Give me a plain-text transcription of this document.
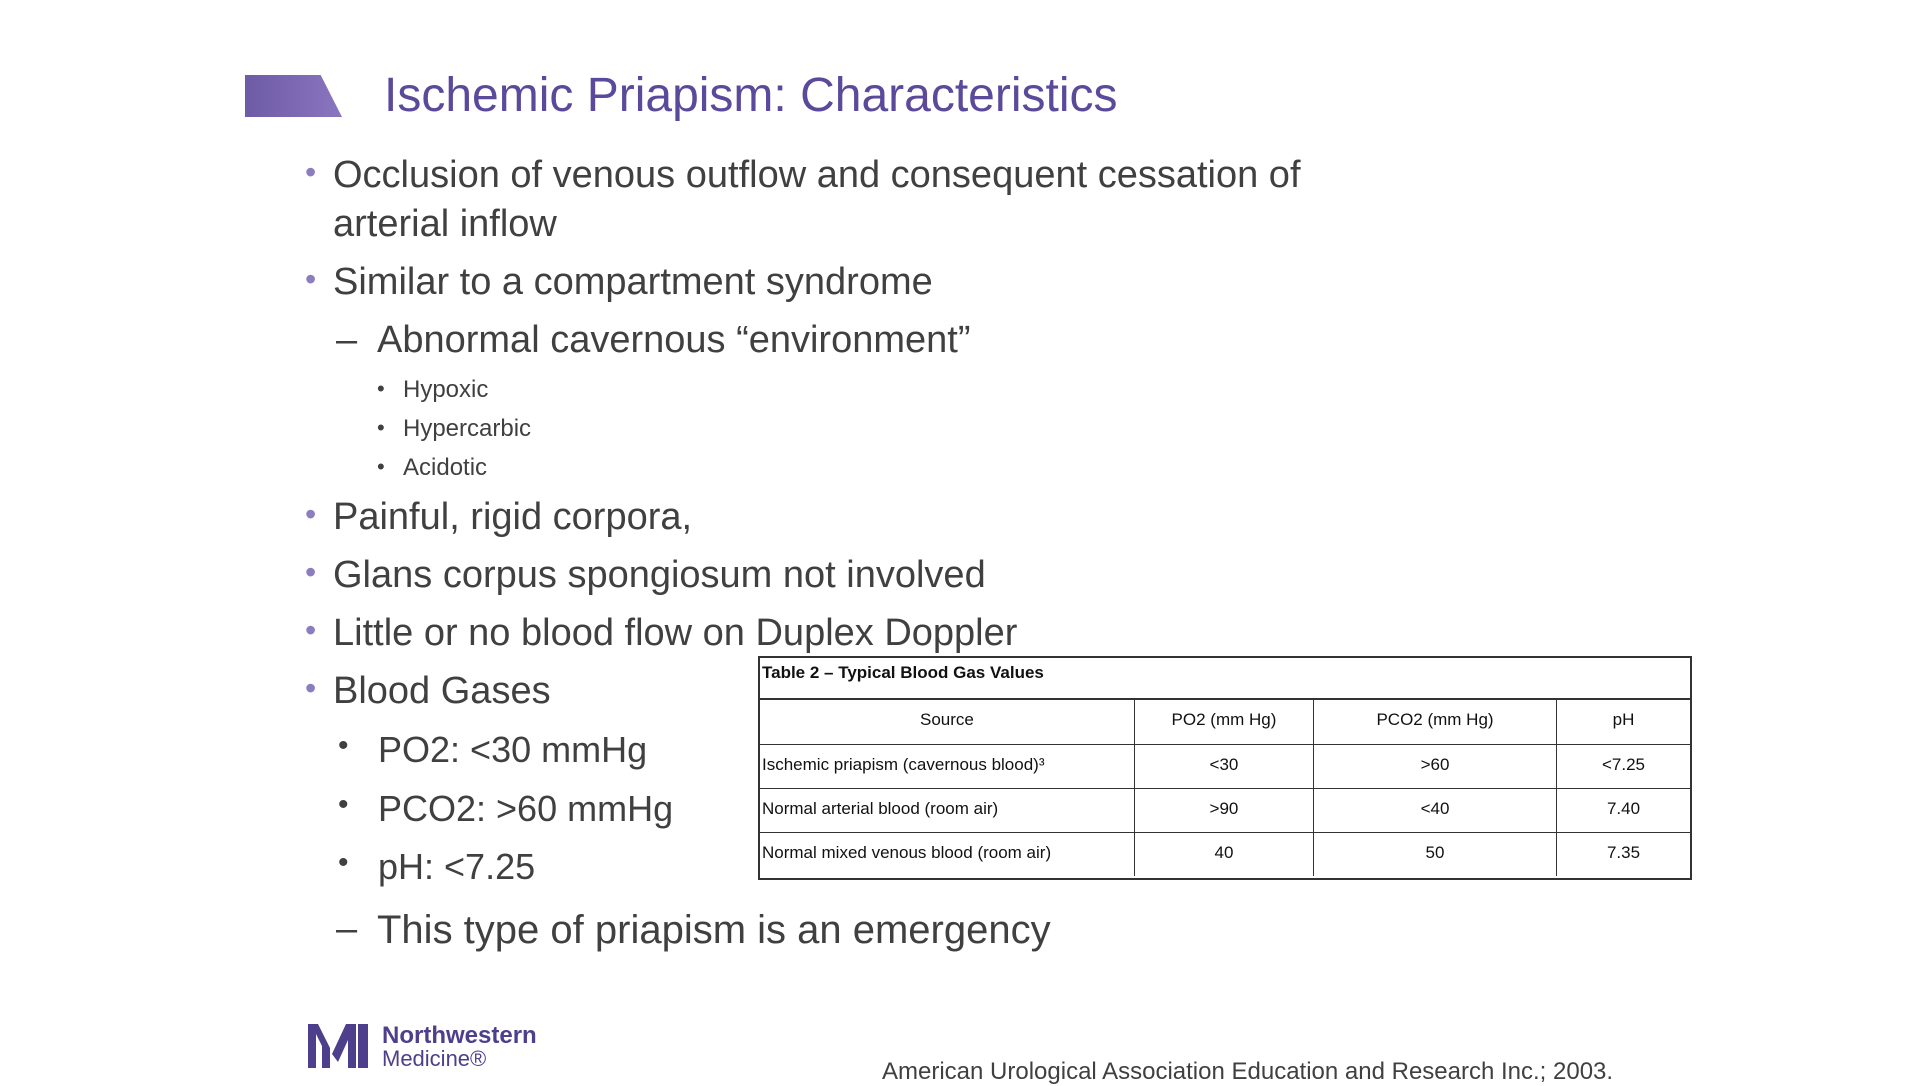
Ischemic Priapism: Characteristics
• Occlusion of venous outflow and consequent cessation of
arterial inflow
• Similar to a compartment syndrome
– Abnormal cavernous “environment”
• Hypoxic
• Hypercarbic
• Acidotic
• Painful, rigid corpora,
• Glans corpus spongiosum not involved
• Little or no blood flow on Duplex Doppler
• Blood Gases
• PO2: <30 mmHg
• PCO2: >60 mmHg
• pH: <7.25
– This type of priapism is an emergency
Table 2 – Typical Blood Gas Values
Source	PO2 (mm Hg)	PCO2 (mm Hg)	pH
Ischemic priapism (cavernous blood)³	<30	>60	<7.25
Normal arterial blood (room air)	>90	<40	7.40
Normal mixed venous blood (room air)	40	50	7.35
Northwestern
Medicine®	American Urological Association Education and Research Inc.; 2003.
